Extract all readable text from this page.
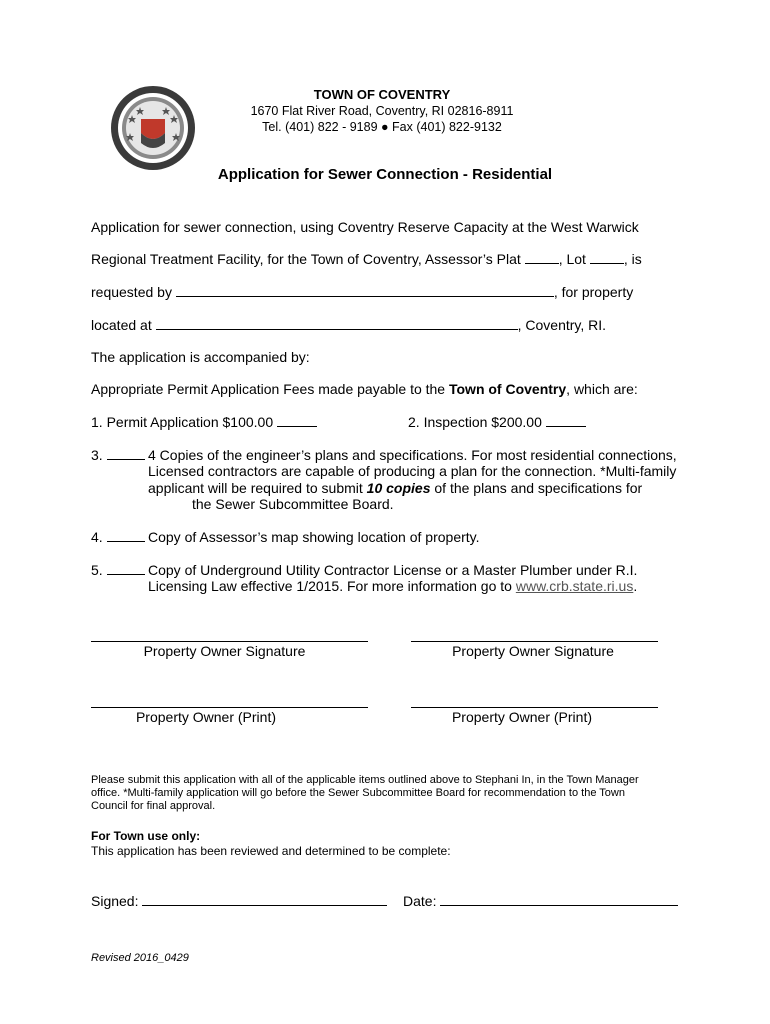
TOWN OF COVENTRY
1670 Flat River Road, Coventry, RI 02816-8911
Tel. (401) 822 - 9189 ● Fax (401) 822-9132
Application for Sewer Connection - Residential
Application for sewer connection, using Coventry Reserve Capacity at the West Warwick
Regional Treatment Facility, for the Town of Coventry, Assessor’s Plat	, Lot	, is
requested by	, for property
located at	, Coventry, RI.
The application is accompanied by:
Appropriate Permit Application Fees made payable to the Town of Coventry, which are:
1. Permit Application $100.00	2. Inspection $200.00
3.	4 Copies of the engineer’s plans and specifications. For most residential connections,
Licensed contractors are capable of producing a plan for the connection. *Multi-family
applicant will be required to submit 10 copies of the plans and specifications for
the Sewer Subcommittee Board.
4.	Copy of Assessor’s map showing location of property.
5.	Copy of Underground Utility Contractor License or a Master Plumber under R.I.
Licensing Law effective 1/2015. For more information go to www.crb.state.ri.us.
Property Owner Signature	Property Owner Signature
Property Owner (Print)	Property Owner (Print)
Please submit this application with all of the applicable items outlined above to Stephani In, in the Town Manager
office. *Multi-family application will go before the Sewer Subcommittee Board for recommendation to the Town
Council for final approval.
For Town use only:
This application has been reviewed and determined to be complete:
Signed:	Date:
Revised 2016_0429
